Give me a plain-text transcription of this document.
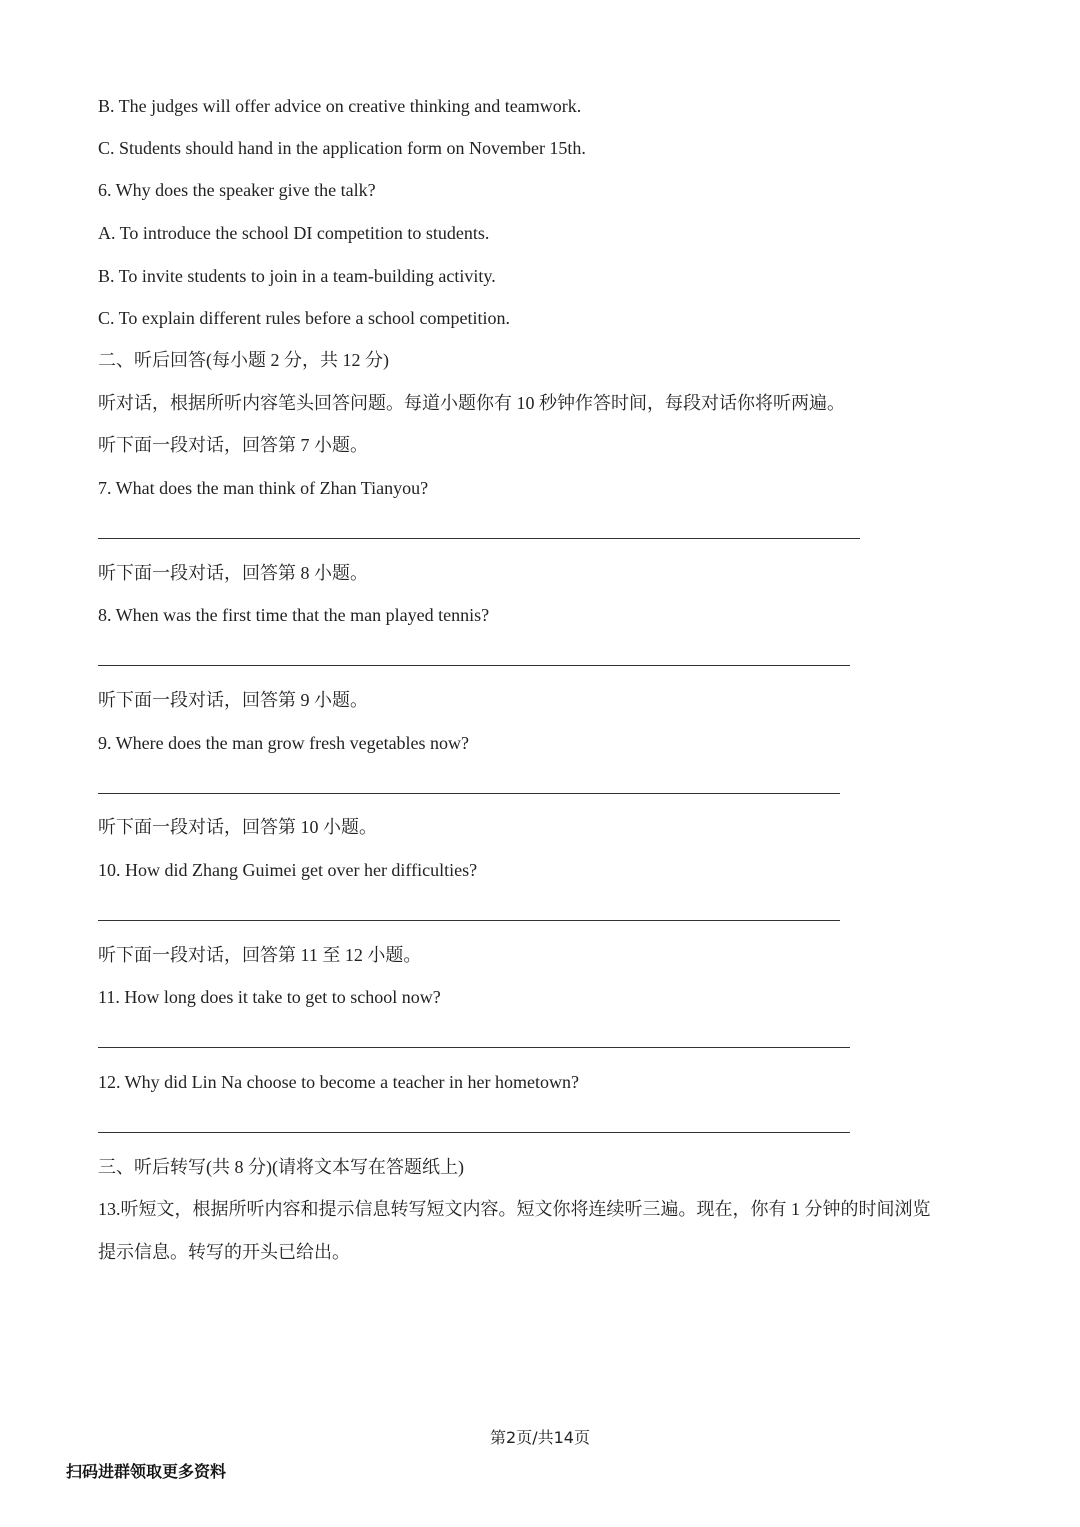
B. The judges will offer advice on creative thinking and teamwork.
C. Students should hand in the application form on November 15th.
6. Why does the speaker give the talk?
A. To introduce the school DI competition to students.
B. To invite students to join in a team-building activity.
C. To explain different rules before a school competition.
二、听后回答(每小题 2 分，共 12 分)
听对话，根据所听内容笔头回答问题。每道小题你有 10 秒钟作答时间，每段对话你将听两遍。
听下面一段对话，回答第 7 小题。
7. What does the man think of Zhan Tianyou?
听下面一段对话，回答第 8 小题。
8. When was the first time that the man played tennis?
听下面一段对话，回答第 9 小题。
9. Where does the man grow fresh vegetables now?
听下面一段对话，回答第 10 小题。
10. How did Zhang Guimei get over her difficulties?
听下面一段对话，回答第 11 至 12 小题。
11. How long does it take to get to school now?
12. Why did Lin Na choose to become a teacher in her hometown?
三、听后转写(共 8 分)(请将文本写在答题纸上)
13.听短文，根据所听内容和提示信息转写短文内容。短文你将连续听三遍。现在，你有 1 分钟的时间浏览
提示信息。转写的开头已给出。
第2页/共14页
扫码进群领取更多资料
